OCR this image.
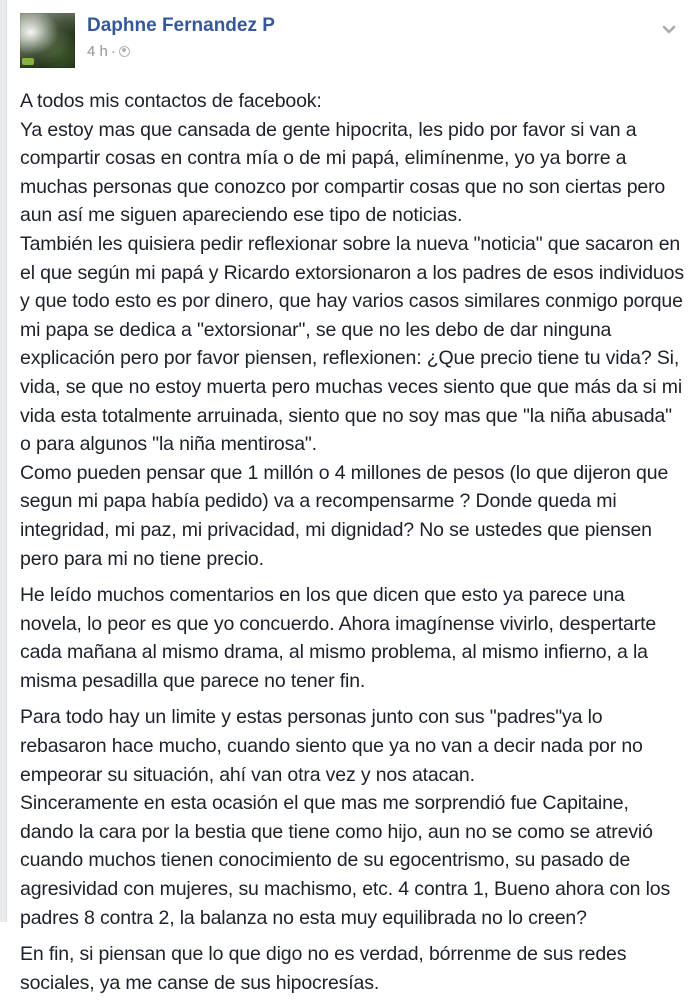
Daphne Fernandez P
4 h ·
A todos mis contactos de facebook:
Ya estoy mas que cansada de gente hipocrita, les pido por favor si van a
compartir cosas en contra mía o de mi papá, elimínenme, yo ya borre a
muchas personas que conozco por compartir cosas que no son ciertas pero
aun así me siguen apareciendo ese tipo de noticias.
También les quisiera pedir reflexionar sobre la nueva "noticia" que sacaron en
el que según mi papá y Ricardo extorsionaron a los padres de esos individuos
y que todo esto es por dinero, que hay varios casos similares conmigo porque
mi papa se dedica a "extorsionar", se que no les debo de dar ninguna
explicación pero por favor piensen, reflexionen: ¿Que precio tiene tu vida? Si,
vida, se que no estoy muerta pero muchas veces siento que que más da si mi
vida esta totalmente arruinada, siento que no soy mas que "la niña abusada"
o para algunos "la niña mentirosa".
Como pueden pensar que 1 millón o 4 millones de pesos (lo que dijeron que
segun mi papa había pedido) va a recompensarme ? Donde queda mi
integridad, mi paz, mi privacidad, mi dignidad? No se ustedes que piensen
pero para mi no tiene precio.
He leído muchos comentarios en los que dicen que esto ya parece una
novela, lo peor es que yo concuerdo. Ahora imagínense vivirlo, despertarte
cada mañana al mismo drama, al mismo problema, al mismo infierno, a la
misma pesadilla que parece no tener fin.
Para todo hay un limite y estas personas junto con sus "padres"ya lo
rebasaron hace mucho, cuando siento que ya no van a decir nada por no
empeorar su situación, ahí van otra vez y nos atacan.
Sinceramente en esta ocasión el que mas me sorprendió fue Capitaine,
dando la cara por la bestia que tiene como hijo, aun no se como se atrevió
cuando muchos tienen conocimiento de su egocentrismo, su pasado de
agresividad con mujeres, su machismo, etc. 4 contra 1, Bueno ahora con los
padres 8 contra 2, la balanza no esta muy equilibrada no lo creen?
En fin, si piensan que lo que digo no es verdad, bórrenme de sus redes
sociales, ya me canse de sus hipocresías.
